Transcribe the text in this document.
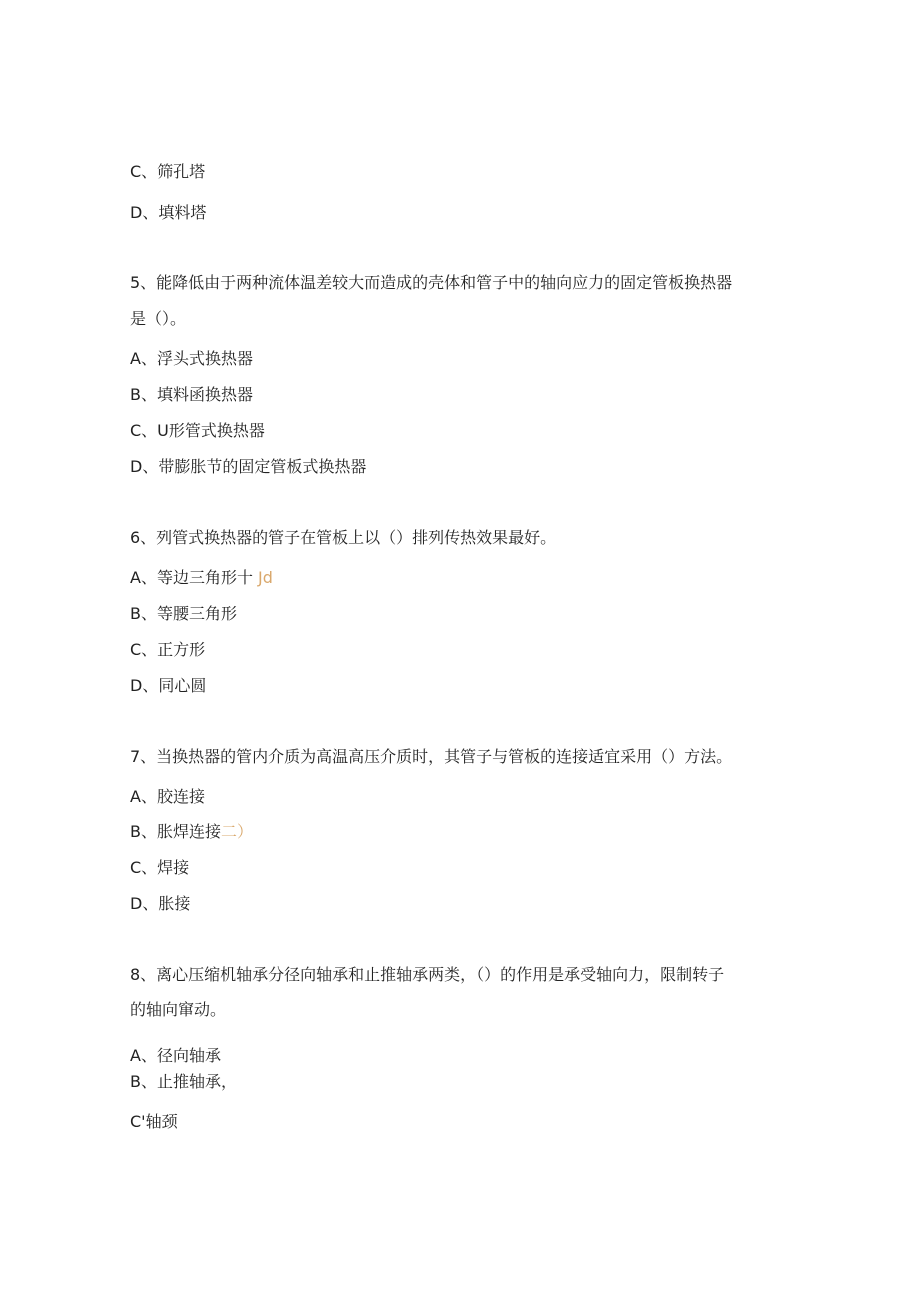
C、筛孔塔
D、填料塔
5、能降低由于两种流体温差较大而造成的壳体和管子中的轴向应力的固定管板换热器
是（）。
A、浮头式换热器
B、填料函换热器
C、U形管式换热器
D、带膨胀节的固定管板式换热器
6、列管式换热器的管子在管板上以（）排列传热效果最好。
A、等边三角形十 Jd
B、等腰三角形
C、正方形
D、同心圆
7、当换热器的管内介质为高温高压介质时，其管子与管板的连接适宜采用（）方法。
A、胶连接
B、胀焊连接二）
C、焊接
D、胀接
8、离心压缩机轴承分径向轴承和止推轴承两类，（）的作用是承受轴向力，限制转子
的轴向窜动。
A、径向轴承
B、止推轴承，
C'轴颈
